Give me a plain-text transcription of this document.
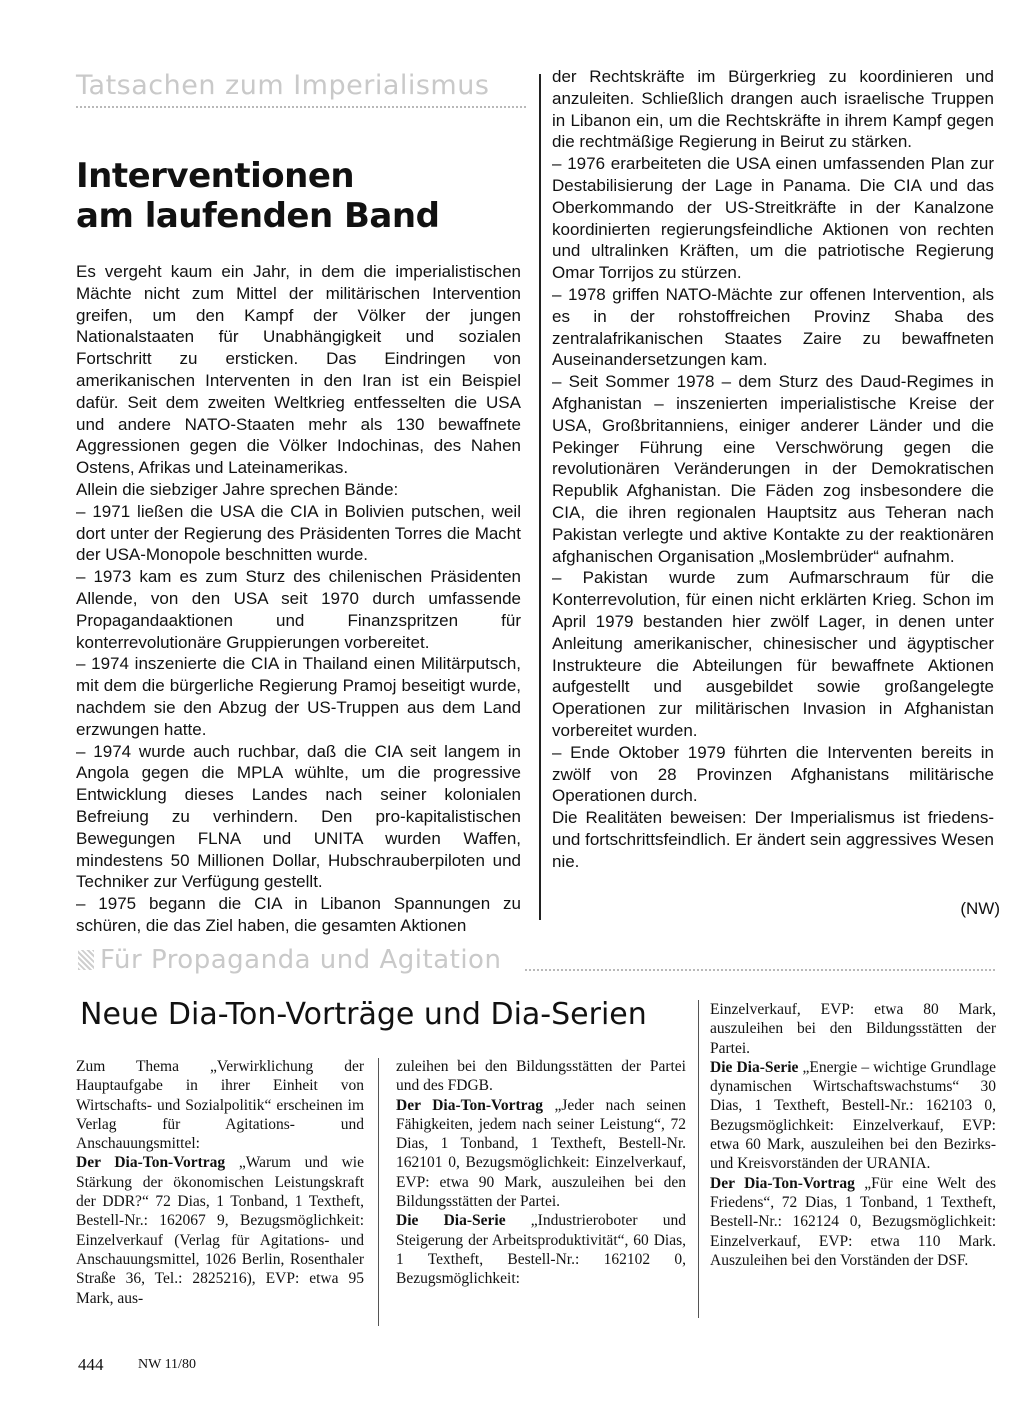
Tatsachen zum Imperialismus
Interventionen
am laufenden Band

Es vergeht kaum ein Jahr, in dem die imperialistischen Mächte nicht zum Mittel der militärischen Intervention greifen, um den Kampf der Völker der jungen Nationalstaaten für Unabhängigkeit und sozialen Fortschritt zu ersticken. Das Eindringen von amerikanischen Interventen in den Iran ist ein Beispiel dafür. Seit dem zweiten Weltkrieg entfesselten die USA und andere NATO-Staaten mehr als 130 bewaffnete Aggressionen gegen die Völker Indochinas, des Nahen Ostens, Afrikas und Lateinamerikas.

Allein die siebziger Jahre sprechen Bände:

– 1971 ließen die USA die CIA in Bolivien putschen, weil dort unter der Regierung des Präsidenten Torres die Macht der USA-Monopole beschnitten wurde.

– 1973 kam es zum Sturz des chilenischen Präsidenten Allende, von den USA seit 1970 durch umfassende Propagandaaktionen und Finanzspritzen für konterrevolutionäre Gruppierungen vorbereitet.

– 1974 inszenierte die CIA in Thailand einen Militärputsch, mit dem die bürgerliche Regierung Pramoj beseitigt wurde, nachdem sie den Abzug der US-Truppen aus dem Land erzwungen hatte.

– 1974 wurde auch ruchbar, daß die CIA seit langem in Angola gegen die MPLA wühlte, um die progressive Entwicklung dieses Landes nach seiner kolonialen Befreiung zu verhindern. Den pro-kapitalistischen Bewegungen FLNA und UNITA wurden Waffen, mindestens 50 Millionen Dollar, Hubschrauberpiloten und Techniker zur Verfügung gestellt.

– 1975 begann die CIA in Libanon Spannungen zu schüren, die das Ziel haben, die gesamten Aktionen

der Rechtskräfte im Bürgerkrieg zu koordinieren und anzuleiten. Schließlich drangen auch israelische Truppen in Libanon ein, um die Rechtskräfte in ihrem Kampf gegen die rechtmäßige Regierung in Beirut zu stärken.

– 1976 erarbeiteten die USA einen umfassenden Plan zur Destabilisierung der Lage in Panama. Die CIA und das Oberkommando der US-Streitkräfte in der Kanalzone koordinierten regierungsfeindliche Aktionen von rechten und ultralinken Kräften, um die patriotische Regierung Omar Torrijos zu stürzen.

– 1978 griffen NATO-Mächte zur offenen Intervention, als es in der rohstoffreichen Provinz Shaba des zentralafrikanischen Staates Zaire zu bewaffneten Auseinandersetzungen kam.

– Seit Sommer 1978 – dem Sturz des Daud-Regimes in Afghanistan – inszenierten imperialistische Kreise der USA, Großbritanniens, einiger anderer Länder und die Pekinger Führung eine Verschwörung gegen die revolutionären Veränderungen in der Demokratischen Republik Afghanistan. Die Fäden zog insbesondere die CIA, die ihren regionalen Hauptsitz aus Teheran nach Pakistan verlegte und aktive Kontakte zu der reaktionären afghanischen Organisation „Moslembrüder“ aufnahm.

– Pakistan wurde zum Aufmarschraum für die Konterrevolution, für einen nicht erklärten Krieg. Schon im April 1979 bestanden hier zwölf Lager, in denen unter Anleitung amerikanischer, chinesischer und ägyptischer Instrukteure die Abteilungen für bewaffnete Aktionen aufgestellt und ausgebildet sowie großangelegte Operationen zur militärischen Invasion in Afghanistan vorbereitet wurden.

– Ende Oktober 1979 führten die Interventen bereits in zwölf von 28 Provinzen Afghanistans militärische Operationen durch.

Die Realitäten beweisen: Der Imperialismus ist friedens- und fortschrittsfeindlich. Er ändert sein aggressives Wesen nie.

(NW)
Für Propaganda und Agitation
Neue Dia-Ton-Vorträge und Dia-Serien

Zum Thema „Verwirklichung der Hauptaufgabe in ihrer Einheit von Wirtschafts- und Sozialpolitik“ erscheinen im Verlag für Agitations- und Anschauungsmittel:

Der Dia-Ton-Vortrag „Warum und wie Stärkung der ökonomischen Leistungskraft der DDR?“ 72 Dias, 1 Tonband, 1 Textheft, Bestell-Nr.: 162067 9, Bezugsmöglichkeit: Einzelverkauf (Verlag für Agitations- und Anschauungsmittel, 1026 Berlin, Rosenthaler Straße 36, Tel.: 2825216), EVP: etwa 95 Mark, aus-

zuleihen bei den Bildungsstätten der Partei und des FDGB.

Der Dia-Ton-Vortrag „Jeder nach seinen Fähigkeiten, jedem nach seiner Leistung“, 72 Dias, 1 Tonband, 1 Textheft, Bestell-Nr. 162101 0, Bezugsmöglichkeit: Einzelverkauf, EVP: etwa 90 Mark, auszuleihen bei den Bildungsstätten der Partei.

Die Dia-Serie „Industrieroboter und Steigerung der Arbeitsproduktivität“, 60 Dias, 1 Textheft, Bestell-Nr.: 162102 0, Bezugsmöglichkeit:

Einzelverkauf, EVP: etwa 80 Mark, auszuleihen bei den Bildungsstätten der Partei.

Die Dia-Serie „Energie – wichtige Grundlage dynamischen Wirtschaftswachstums“ 30 Dias, 1 Textheft, Bestell-Nr.: 162103 0, Bezugsmöglichkeit: Einzelverkauf, EVP: etwa 60 Mark, auszuleihen bei den Bezirks- und Kreisvorständen der URANIA.

Der Dia-Ton-Vortrag „Für eine Welt des Friedens“, 72 Dias, 1 Tonband, 1 Textheft, Bestell-Nr.: 162124 0, Bezugsmöglichkeit: Einzelverkauf, EVP: etwa 110 Mark. Auszuleihen bei den Vorständen der DSF.

444 NW 11/80
